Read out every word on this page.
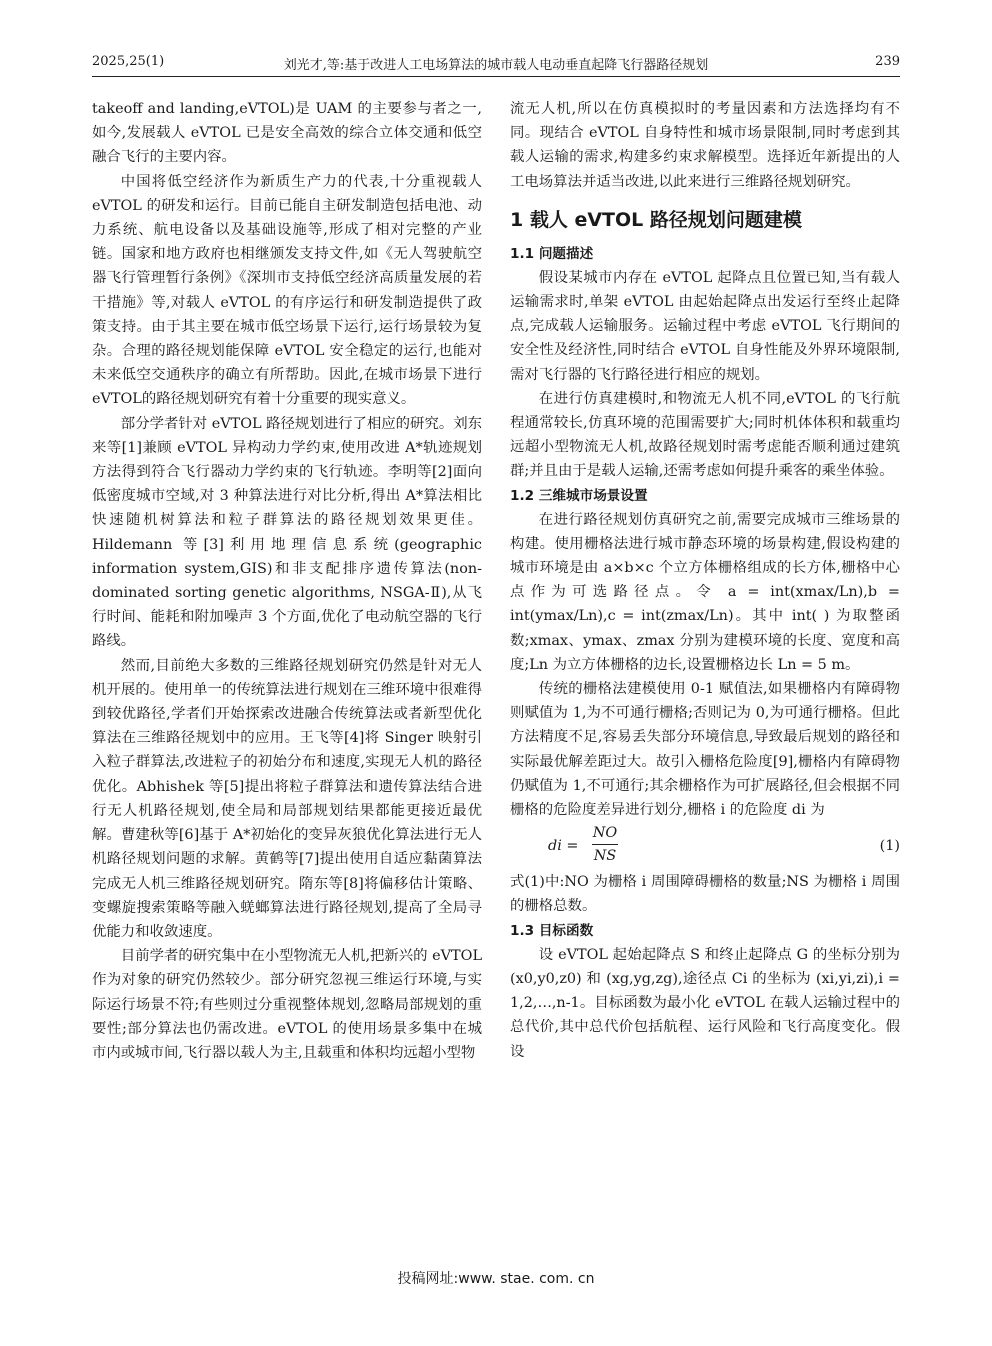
2025,25(1)	刘光才,等:基于改进人工电场算法的城市载人电动垂直起降飞行器路径规划	239

takeoff and landing,eVTOL)是 UAM 的主要参与者之一,如今,发展载人 eVTOL 已是安全高效的综合立体交通和低空融合飞行的主要内容。

中国将低空经济作为新质生产力的代表,十分重视载人 eVTOL 的研发和运行。目前已能自主研发制造包括电池、动力系统、航电设备以及基础设施等,形成了相对完整的产业链。国家和地方政府也相继颁发支持文件,如《无人驾驶航空器飞行管理暂行条例》《深圳市支持低空经济高质量发展的若干措施》等,对载人 eVTOL 的有序运行和研发制造提供了政策支持。由于其主要在城市低空场景下运行,运行场景较为复杂。合理的路径规划能保障 eVTOL 安全稳定的运行,也能对未来低空交通秩序的确立有所帮助。因此,在城市场景下进行 eVTOL的路径规划研究有着十分重要的现实意义。

部分学者针对 eVTOL 路径规划进行了相应的研究。刘东来等[1]兼顾 eVTOL 异构动力学约束,使用改进 A*轨迹规划方法得到符合飞行器动力学约束的飞行轨迹。李明等[2]面向低密度城市空域,对 3 种算法进行对比分析,得出 A*算法相比快速随机树算法和粒子群算法的路径规划效果更佳。Hildemann 等[3]利用地理信息系统(geographic information system,GIS)和非支配排序遗传算法(non-dominated sorting genetic algorithms, NSGA-Ⅱ),从飞行时间、能耗和附加噪声 3 个方面,优化了电动航空器的飞行路线。

然而,目前绝大多数的三维路径规划研究仍然是针对无人机开展的。使用单一的传统算法进行规划在三维环境中很难得到较优路径,学者们开始探索改进融合传统算法或者新型优化算法在三维路径规划中的应用。王飞等[4]将 Singer 映射引入粒子群算法,改进粒子的初始分布和速度,实现无人机的路径优化。Abhishek 等[5]提出将粒子群算法和遗传算法结合进行无人机路径规划,使全局和局部规划结果都能更接近最优解。曹建秋等[6]基于 A*初始化的变异灰狼优化算法进行无人机路径规划问题的求解。黄鹤等[7]提出使用自适应黏菌算法完成无人机三维路径规划研究。隋东等[8]将偏移估计策略、变螺旋搜索策略等融入蜣螂算法进行路径规划,提高了全局寻优能力和收敛速度。

目前学者的研究集中在小型物流无人机,把新兴的 eVTOL 作为对象的研究仍然较少。部分研究忽视三维运行环境,与实际运行场景不符;有些则过分重视整体规划,忽略局部规划的重要性;部分算法也仍需改进。eVTOL 的使用场景多集中在城市内或城市间,飞行器以载人为主,且载重和体积均远超小型物

流无人机,所以在仿真模拟时的考量因素和方法选择均有不同。现结合 eVTOL 自身特性和城市场景限制,同时考虑到其载人运输的需求,构建多约束求解模型。选择近年新提出的人工电场算法并适当改进,以此来进行三维路径规划研究。

1 载人 eVTOL 路径规划问题建模
1.1 问题描述

假设某城市内存在 eVTOL 起降点且位置已知,当有载人运输需求时,单架 eVTOL 由起始起降点出发运行至终止起降点,完成载人运输服务。运输过程中考虑 eVTOL 飞行期间的安全性及经济性,同时结合 eVTOL 自身性能及外界环境限制,需对飞行器的飞行路径进行相应的规划。

在进行仿真建模时,和物流无人机不同,eVTOL 的飞行航程通常较长,仿真环境的范围需要扩大;同时机体体积和载重均远超小型物流无人机,故路径规划时需考虑能否顺利通过建筑群;并且由于是载人运输,还需考虑如何提升乘客的乘坐体验。

1.2 三维城市场景设置

在进行路径规划仿真研究之前,需要完成城市三维场景的构建。使用栅格法进行城市静态环境的场景构建,假设构建的城市环境是由 a×b×c 个立方体栅格组成的长方体,栅格中心点作为可选路径点。令 a = int(xmax/Ln),b = int(ymax/Ln),c = int(zmax/Ln)。其中 int( ) 为取整函数;xmax、ymax、zmax 分别为建模环境的长度、宽度和高度;Ln 为立方体栅格的边长,设置栅格边长 Ln = 5 m。

传统的栅格法建模使用 0-1 赋值法,如果栅格内有障碍物则赋值为 1,为不可通行栅格;否则记为 0,为可通行栅格。但此方法精度不足,容易丢失部分环境信息,导致最后规划的路径和实际最优解差距过大。故引入栅格危险度[9],栅格内有障碍物仍赋值为 1,不可通行;其余栅格作为可扩展路径,但会根据不同栅格的危险度差异进行划分,栅格 i 的危险度 di 为

di = $\frac{NO}{NS}$	(1)

式(1)中:NO 为栅格 i 周围障碍栅格的数量;NS 为栅格 i 周围的栅格总数。

1.3 目标函数

设 eVTOL 起始起降点 S 和终止起降点 G 的坐标分别为 (x0,y0,z0) 和 (xg,yg,zg),途径点 Ci 的坐标为 (xi,yi,zi),i = 1,2,…,n-1。目标函数为最小化 eVTOL 在载人运输过程中的总代价,其中总代价包括航程、运行风险和飞行高度变化。假设

投稿网址:www. stae. com. cn
